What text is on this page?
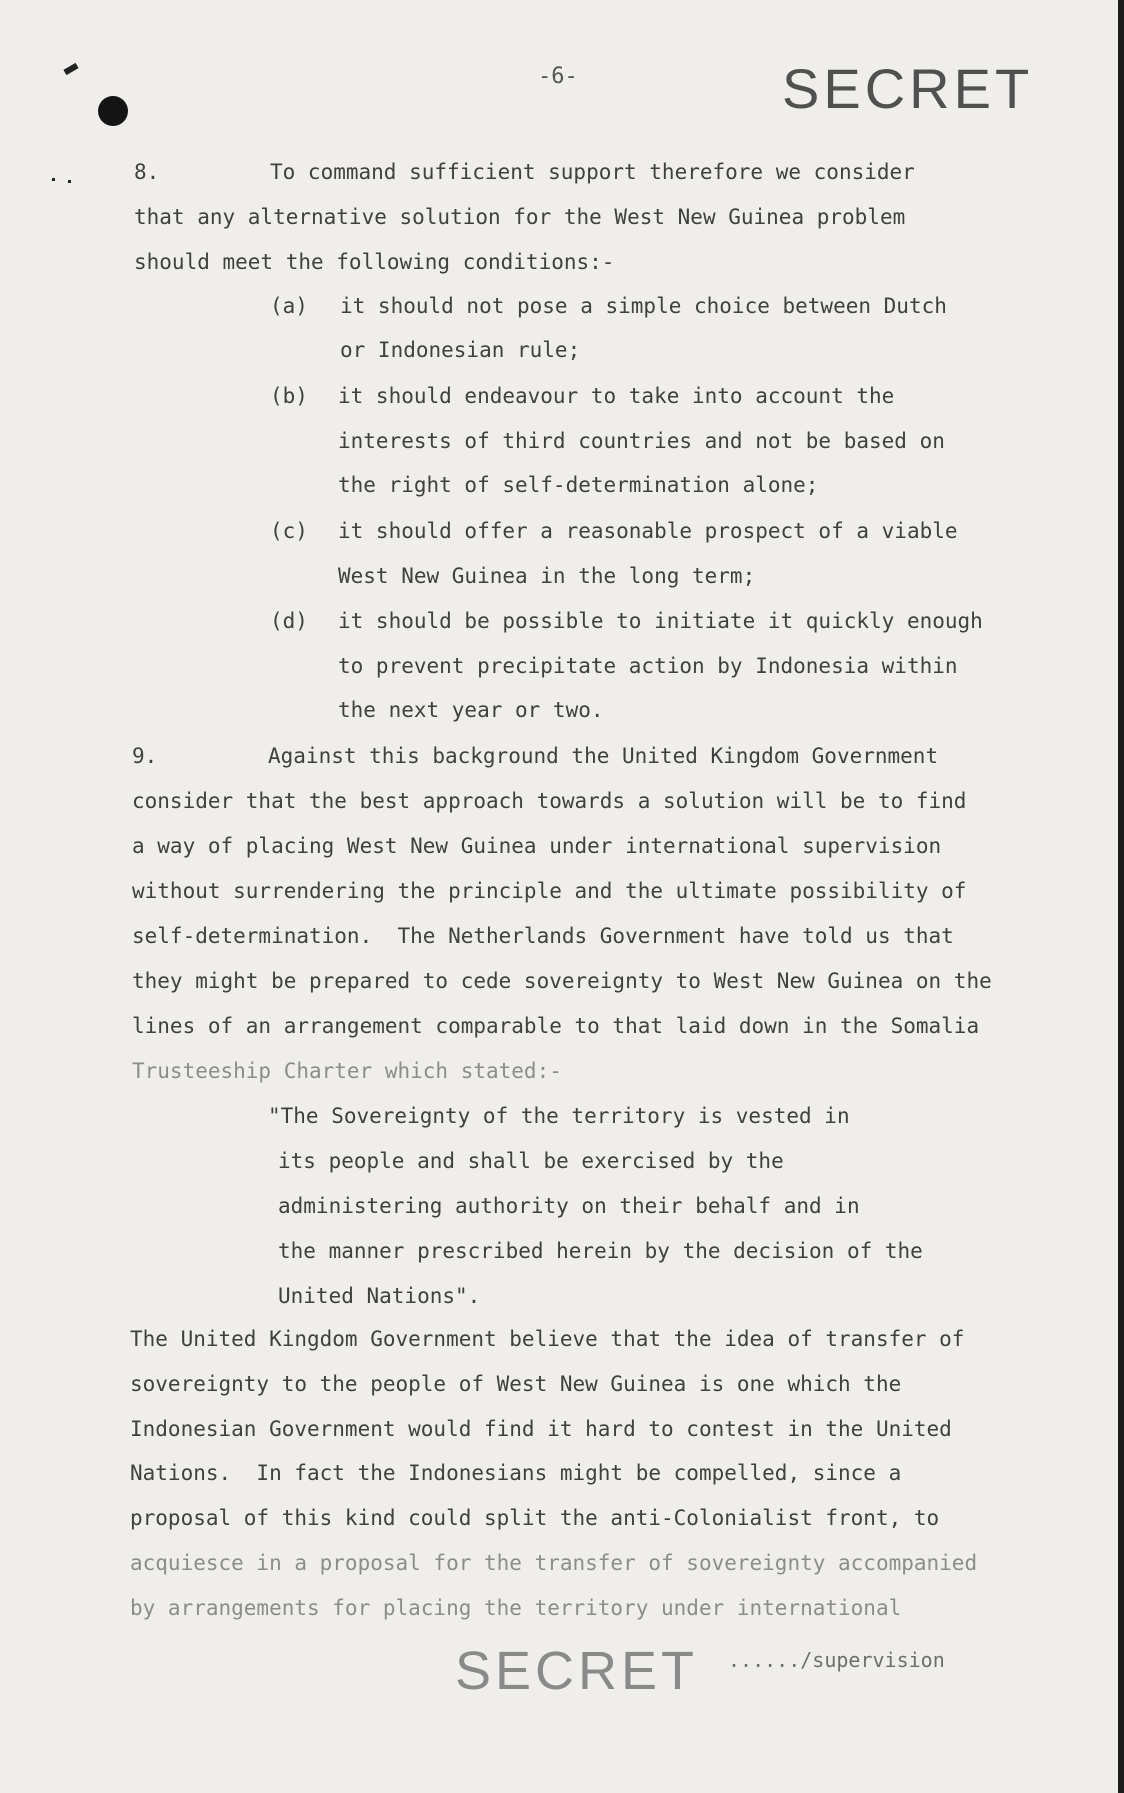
-6-	SECRET
8.	To command sufficient support therefore we consider
that any alternative solution for the West New Guinea problem
should meet the following conditions:-
(a) it should not pose a simple choice between Dutch
or Indonesian rule;
(b) it should endeavour to take into account the
interests of third countries and not be based on
the right of self-determination alone;
(c) it should offer a reasonable prospect of a viable
West New Guinea in the long term;
(d) it should be possible to initiate it quickly enough
to prevent precipitate action by Indonesia within
the next year or two.
9.	Against this background the United Kingdom Government
consider that the best approach towards a solution will be to find
a way of placing West New Guinea under international supervision
without surrendering the principle and the ultimate possibility of
self-determination.  The Netherlands Government have told us that
they might be prepared to cede sovereignty to West New Guinea on the
lines of an arrangement comparable to that laid down in the Somalia
Trusteeship Charter which stated:-
"The Sovereignty of the territory is vested in
its people and shall be exercised by the
administering authority on their behalf and in
the manner prescribed herein by the decision of the
United Nations".
The United Kingdom Government believe that the idea of transfer of
sovereignty to the people of West New Guinea is one which the
Indonesian Government would find it hard to contest in the United
Nations.  In fact the Indonesians might be compelled, since a
proposal of this kind could split the anti-Colonialist front, to
acquiesce in a proposal for the transfer of sovereignty accompanied
by arrangements for placing the territory under international
SECRET ....../supervision
